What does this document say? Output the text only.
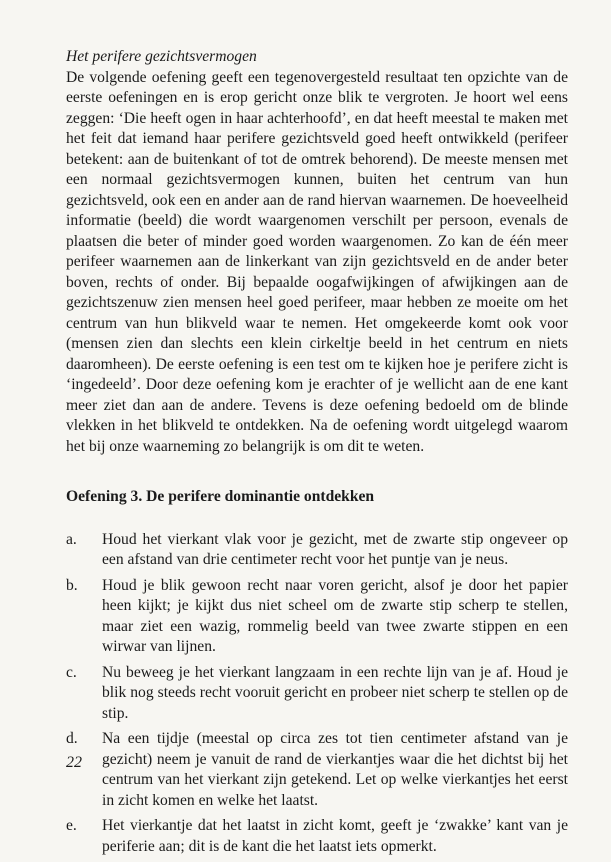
Het perifere gezichtsvermogen

De volgende oefening geeft een tegenovergesteld resultaat ten opzichte van de eerste oefeningen en is erop gericht onze blik te vergroten. Je hoort wel eens zeggen: ‘Die heeft ogen in haar achterhoofd’, en dat heeft meestal te maken met het feit dat iemand haar perifere gezichtsveld goed heeft ontwikkeld (perifeer betekent: aan de buitenkant of tot de omtrek behorend). De meeste mensen met een normaal gezichtsvermogen kunnen, buiten het centrum van hun gezichtsveld, ook een en ander aan de rand hiervan waarnemen. De hoeveelheid informatie (beeld) die wordt waargenomen verschilt per persoon, evenals de plaatsen die beter of minder goed worden waargenomen. Zo kan de één meer perifeer waarnemen aan de linkerkant van zijn gezichtsveld en de ander beter boven, rechts of onder. Bij bepaalde oogafwijkingen of afwijkingen aan de gezichtszenuw zien mensen heel goed perifeer, maar hebben ze moeite om het centrum van hun blikveld waar te nemen. Het omgekeerde komt ook voor (mensen zien dan slechts een klein cirkeltje beeld in het centrum en niets daaromheen). De eerste oefening is een test om te kijken hoe je perifere zicht is ‘ingedeeld’. Door deze oefening kom je erachter of je wellicht aan de ene kant meer ziet dan aan de andere. Tevens is deze oefening bedoeld om de blinde vlekken in het blikveld te ontdekken. Na de oefening wordt uitgelegd waarom het bij onze waarneming zo belangrijk is om dit te weten.

Oefening 3. De perifere dominantie ontdekken

a.	Houd het vierkant vlak voor je gezicht, met de zwarte stip ongeveer op een afstand van drie centimeter recht voor het puntje van je neus.
b.	Houd je blik gewoon recht naar voren gericht, alsof je door het papier heen kijkt; je kijkt dus niet scheel om de zwarte stip scherp te stellen, maar ziet een wazig, rommelig beeld van twee zwarte stippen en een wirwar van lijnen.
c.	Nu beweeg je het vierkant langzaam in een rechte lijn van je af. Houd je blik nog steeds recht vooruit gericht en probeer niet scherp te stellen op de stip.
d.	Na een tijdje (meestal op circa zes tot tien centimeter afstand van je gezicht) neem je vanuit de rand de vierkantjes waar die het dichtst bij het centrum van het vierkant zijn getekend. Let op welke vierkantjes het eerst in zicht komen en welke het laatst.
e.	Het vierkantje dat het laatst in zicht komt, geeft je ‘zwakke’ kant van je periferie aan; dit is de kant die het laatst iets opmerkt.
22
